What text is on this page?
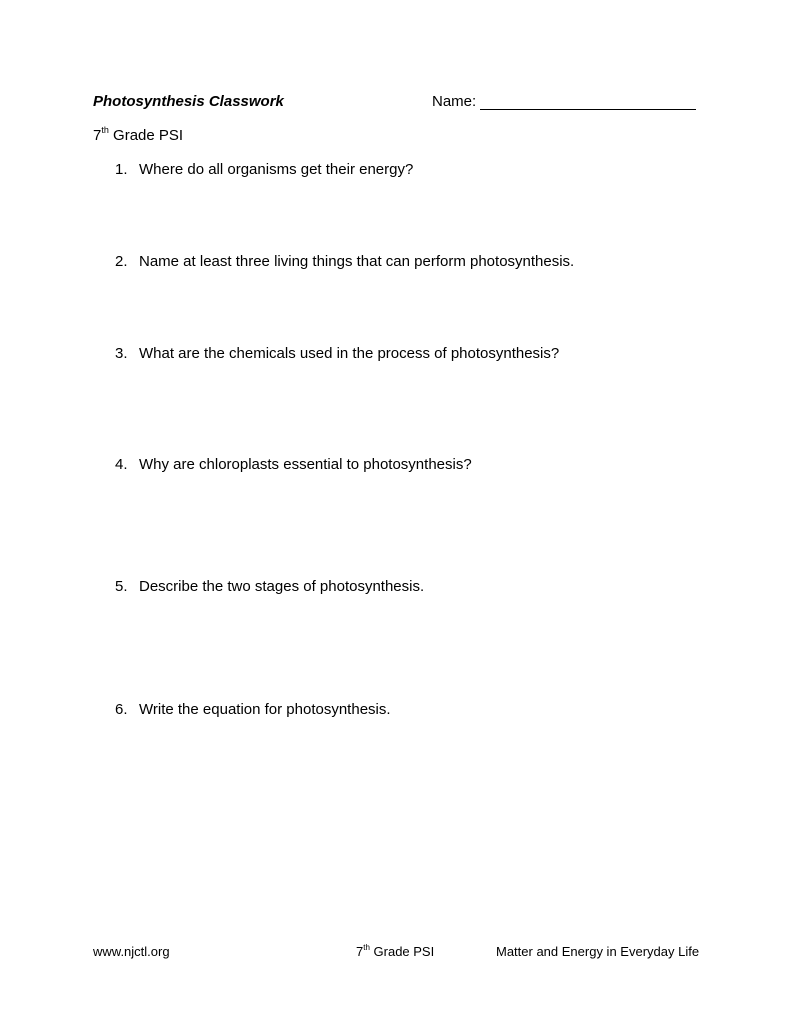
Photosynthesis Classwork	Name:
7th Grade PSI
1. Where do all organisms get their energy?
2. Name at least three living things that can perform photosynthesis.
3. What are the chemicals used in the process of photosynthesis?
4. Why are chloroplasts essential to photosynthesis?
5. Describe the two stages of photosynthesis.
6. Write the equation for photosynthesis.
www.njctl.org	7th Grade PSI	Matter and Energy in Everyday Life
